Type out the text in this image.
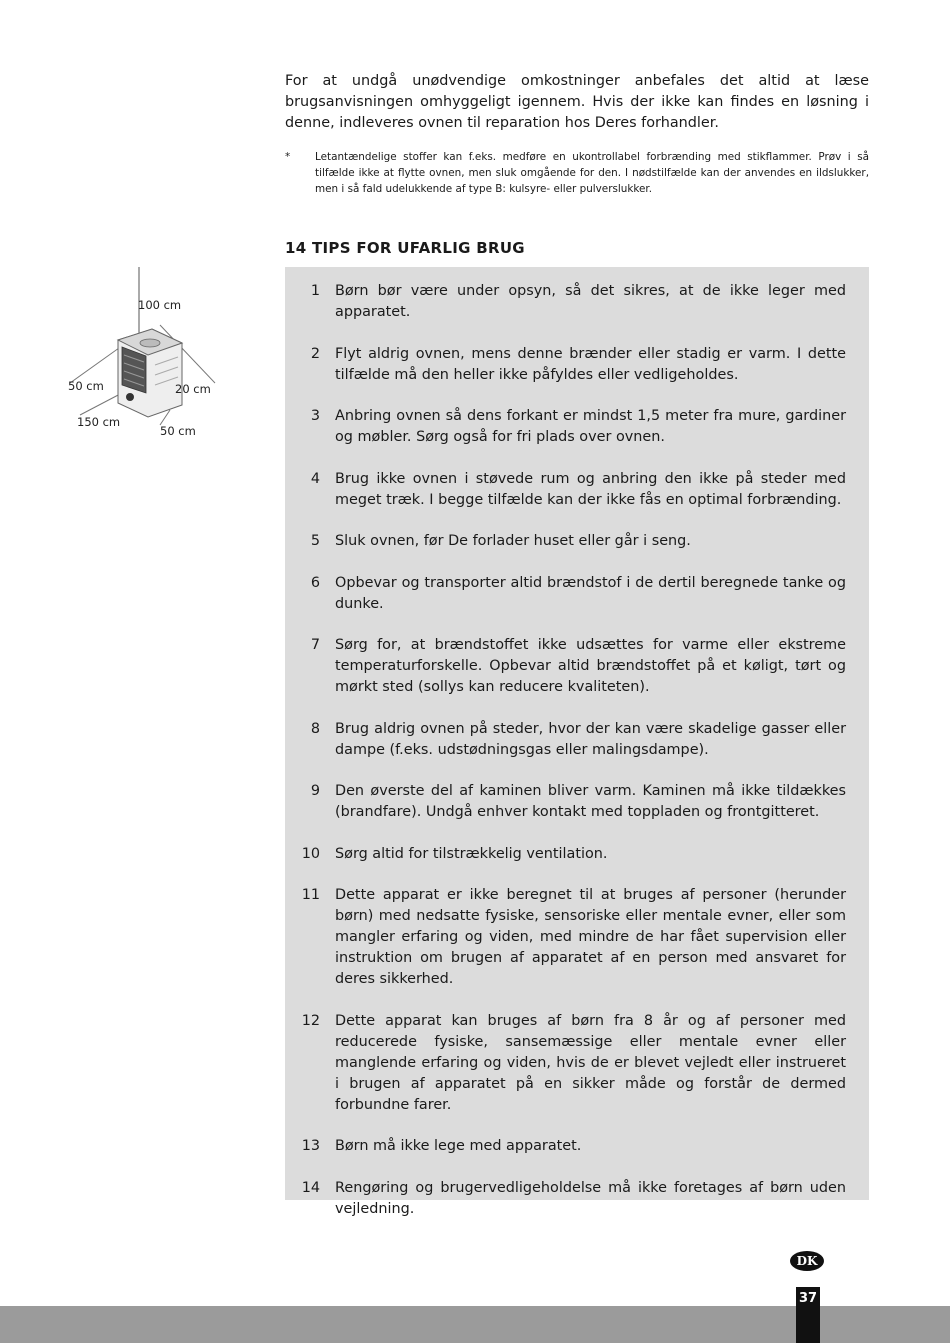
For at undgå unødvendige omkostninger anbefales det altid at læse brugsanvisningen omhyggeligt igennem. Hvis der ikke kan findes en løsning i denne, indleveres ovnen til reparation hos Deres forhandler.

*	Letantændelige stoffer kan f.eks. medføre en ukontrollabel forbrænding med stikflammer. Prøv i så tilfælde ikke at flytte ovnen, men sluk omgående for den. I nødstilfælde kan der anvendes en ildslukker, men i så fald udelukkende af type B: kulsyre- eller pulverslukker.
14 TIPS FOR UFARLIG BRUG
100 cm
50 cm	20 cm
150 cm
50 cm
1	Børn bør være under opsyn, så det sikres, at de ikke leger med apparatet.
2	Flyt aldrig ovnen, mens denne brænder eller stadig er varm. I dette tilfælde må den heller ikke påfyldes eller vedligeholdes.
3	Anbring ovnen så dens forkant er mindst 1,5 meter fra mure, gardiner og møbler. Sørg også for fri plads over ovnen.
4	Brug ikke ovnen i støvede rum og anbring den ikke på steder med meget træk. I begge tilfælde kan der ikke fås en optimal forbrænding.
5	Sluk ovnen, før De forlader huset eller går i seng.
6	Opbevar og transporter altid brændstof i de dertil beregnede tanke og dunke.
7	Sørg for, at brændstoffet ikke udsættes for varme eller ekstreme temperaturforskelle. Opbevar altid brændstoffet på et køligt, tørt og mørkt sted (sollys kan reducere kvaliteten).
8	Brug aldrig ovnen på steder, hvor der kan være skadelige gasser eller dampe (f.eks. udstødningsgas eller malingsdampe).
9	Den øverste del af kaminen bliver varm. Kaminen må ikke tildækkes (brandfare). Undgå enhver kontakt med toppladen og frontgitteret.
10	Sørg altid for tilstrækkelig ventilation.
11	Dette apparat er ikke beregnet til at bruges af personer (herunder børn) med nedsatte fysiske, sensoriske eller mentale evner, eller som mangler erfaring og viden, med mindre de har fået supervision eller instruktion om brugen af apparatet af en person med ansvaret for deres sikkerhed.
12	Dette apparat kan bruges af børn fra 8 år og af personer med reducerede fysiske, sansemæssige eller mentale evner eller manglende erfaring og viden, hvis de er blevet vejledt eller instrueret i brugen af apparatet på en sikker måde og forstår de dermed forbundne farer.
13	Børn må ikke lege med apparatet.
14	Rengøring og brugervedligeholdelse må ikke foretages af børn uden vejledning.
DK
37
